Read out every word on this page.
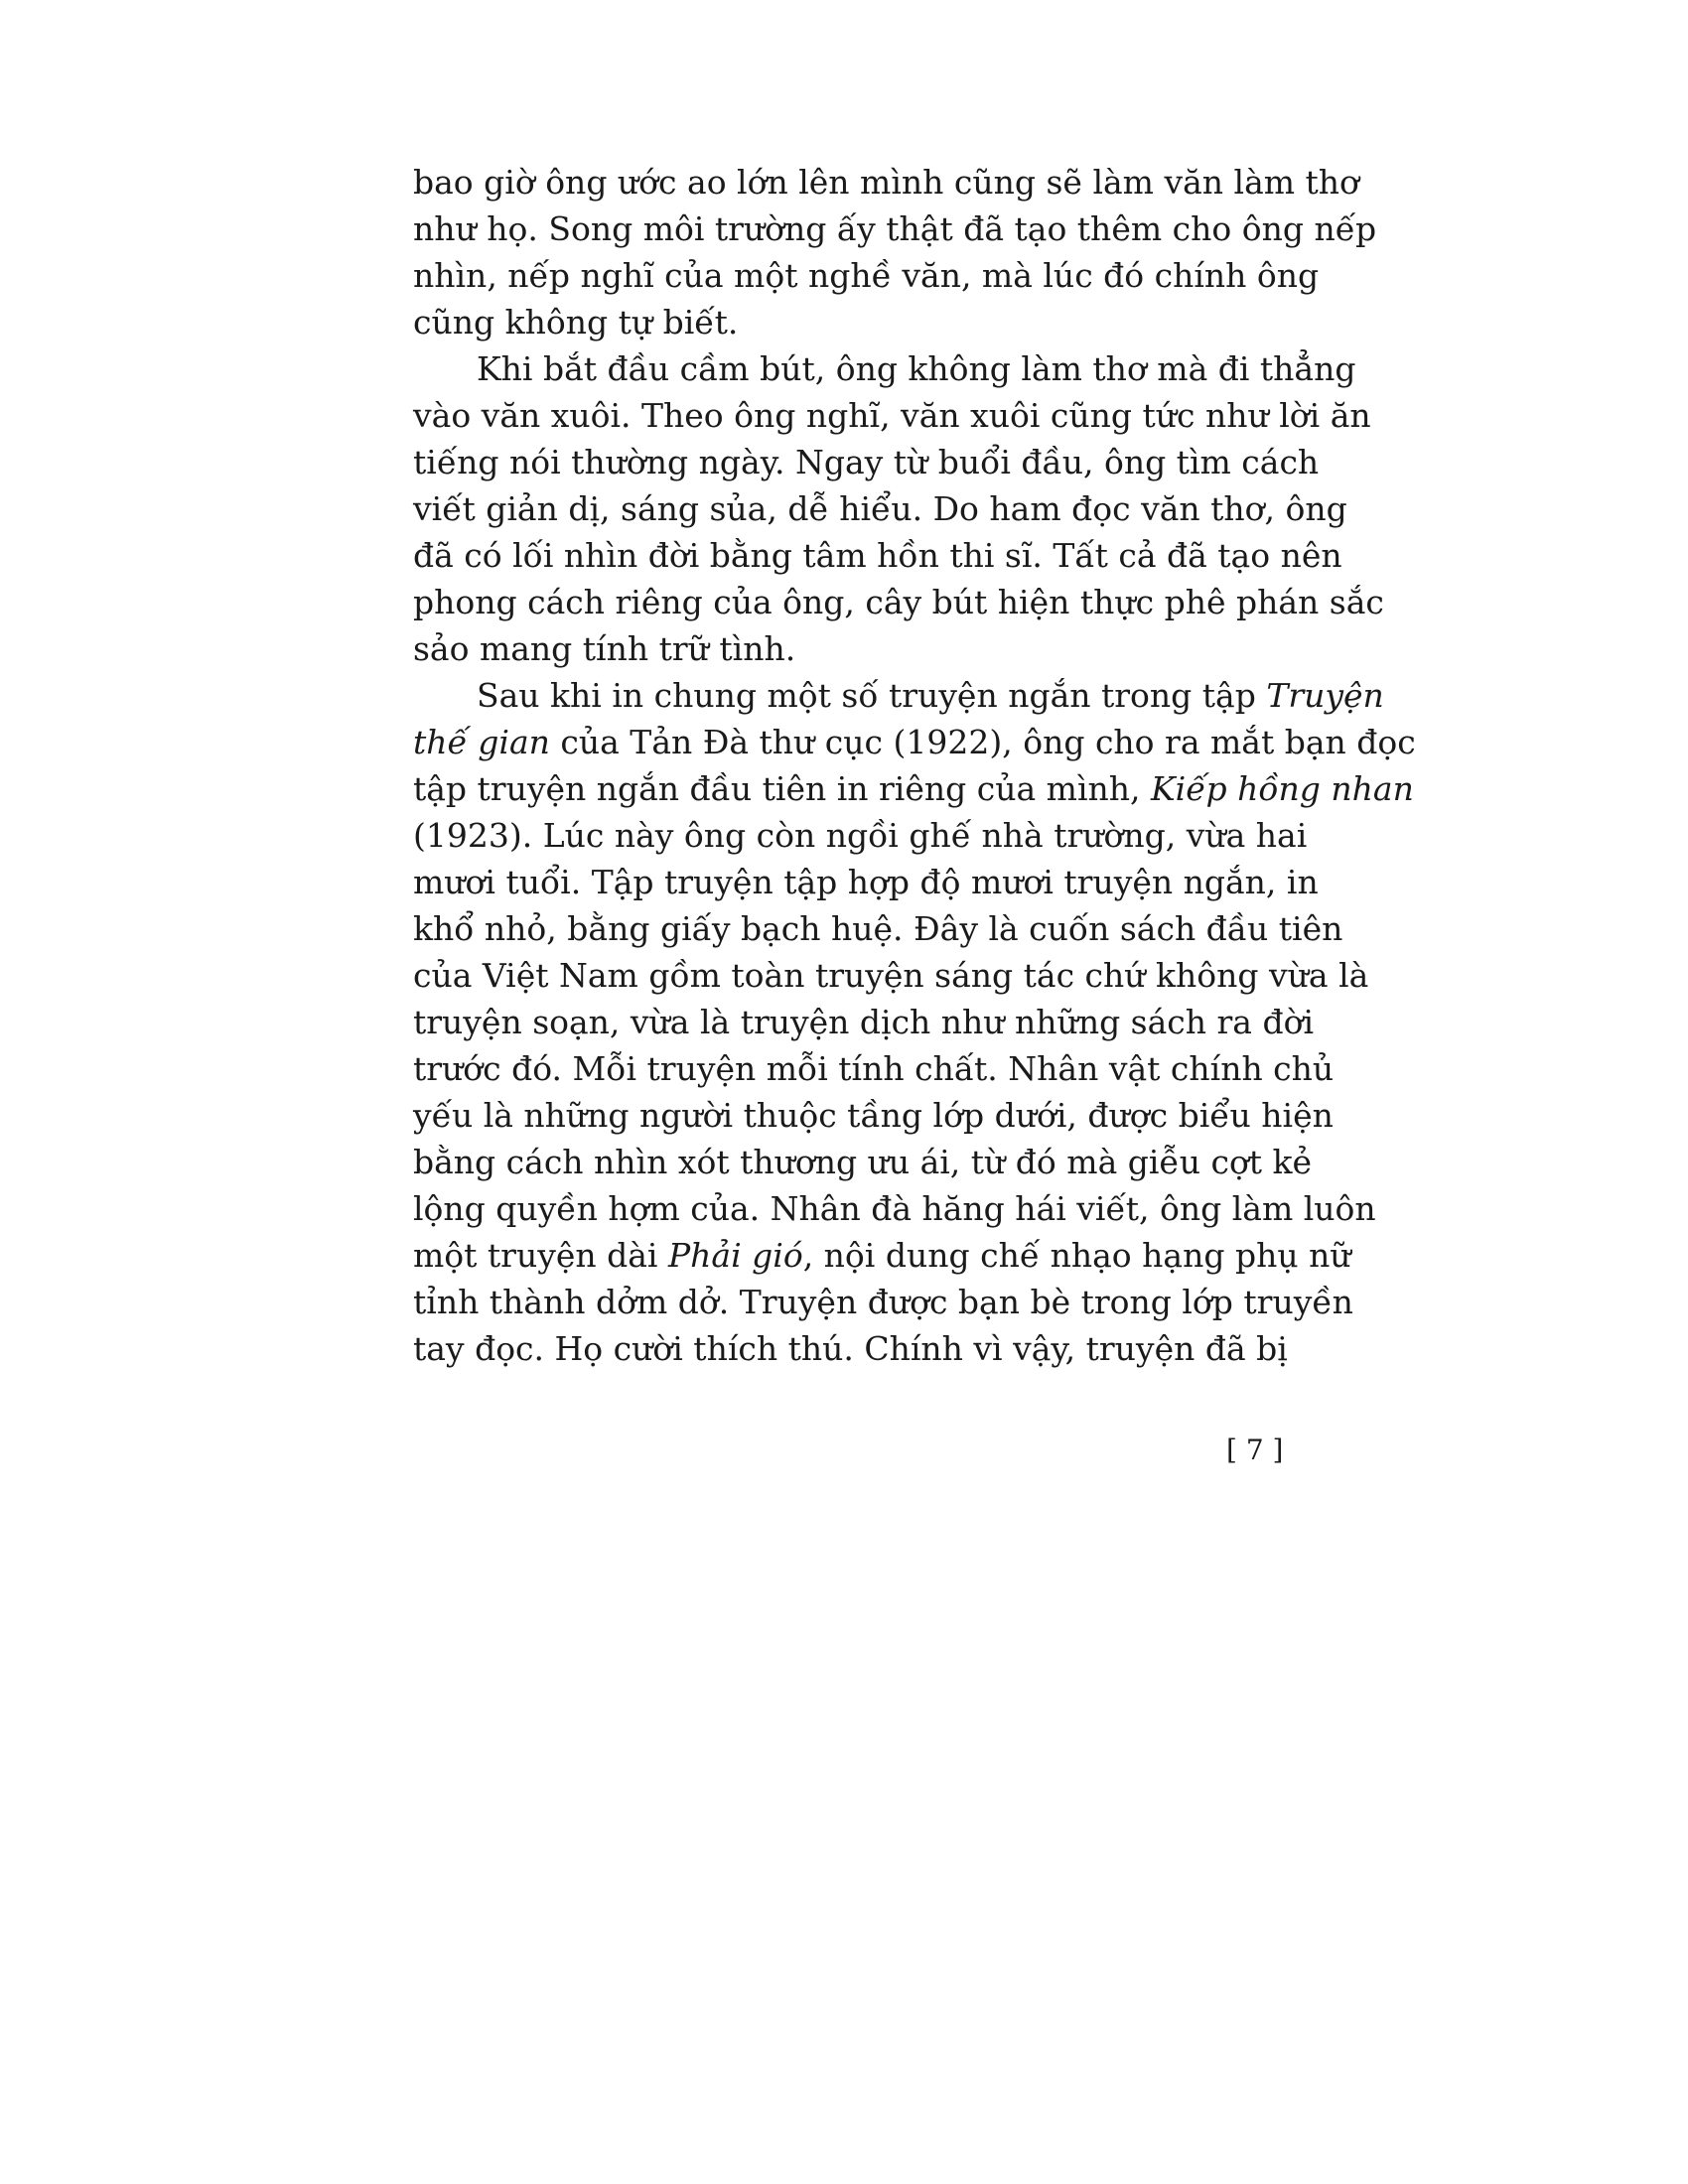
bao giờ ông ước ao lớn lên mình cũng sẽ làm văn làm thơ
như họ. Song môi trường ấy thật đã tạo thêm cho ông nếp
nhìn, nếp nghĩ của một nghề văn, mà lúc đó chính ông
cũng không tự biết.
Khi bắt đầu cầm bút, ông không làm thơ mà đi thẳng
vào văn xuôi. Theo ông nghĩ, văn xuôi cũng tức như lời ăn
tiếng nói thường ngày. Ngay từ buổi đầu, ông tìm cách
viết giản dị, sáng sủa, dễ hiểu. Do ham đọc văn thơ, ông
đã có lối nhìn đời bằng tâm hồn thi sĩ. Tất cả đã tạo nên
phong cách riêng của ông, cây bút hiện thực phê phán sắc
sảo mang tính trữ tình.
Sau khi in chung một số truyện ngắn trong tập Truyện
thế gian của Tản Đà thư cục (1922), ông cho ra mắt bạn đọc
tập truyện ngắn đầu tiên in riêng của mình, Kiếp hồng nhan
(1923). Lúc này ông còn ngồi ghế nhà trường, vừa hai
mươi tuổi. Tập truyện tập hợp độ mươi truyện ngắn, in
khổ nhỏ, bằng giấy bạch huệ. Đây là cuốn sách đầu tiên
của Việt Nam gồm toàn truyện sáng tác chứ không vừa là
truyện soạn, vừa là truyện dịch như những sách ra đời
trước đó. Mỗi truyện mỗi tính chất. Nhân vật chính chủ
yếu là những người thuộc tầng lớp dưới, được biểu hiện
bằng cách nhìn xót thương ưu ái, từ đó mà giễu cợt kẻ
lộng quyền hợm của. Nhân đà hăng hái viết, ông làm luôn
một truyện dài Phải gió, nội dung chế nhạo hạng phụ nữ
tỉnh thành dởm dở. Truyện được bạn bè trong lớp truyền
tay đọc. Họ cười thích thú. Chính vì vậy, truyện đã bị
[ 7 ]
